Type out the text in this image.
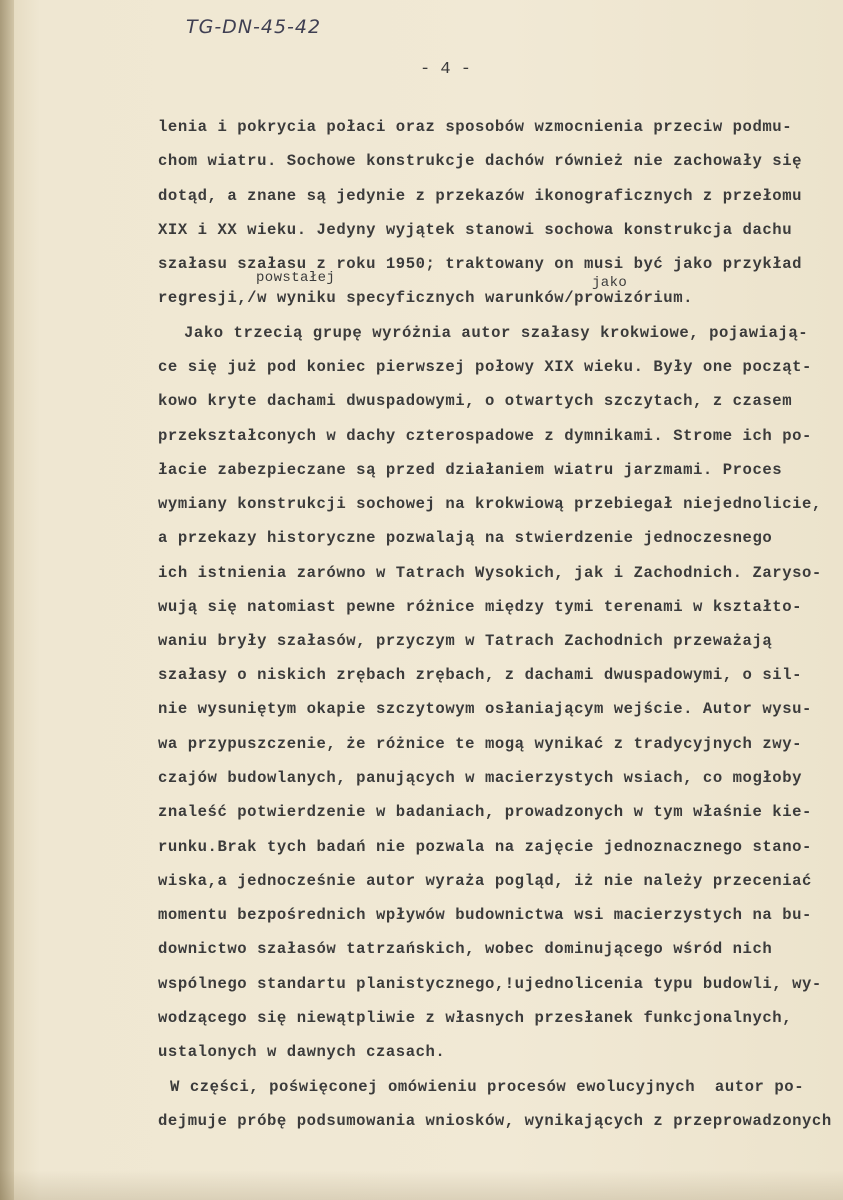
TG-DN-45-42
- 4 -
lenia i pokrycia połaci oraz sposobów wzmocnienia przeciw podmu-
chom wiatru. Sochowe konstrukcje dachów również nie zachowały się
dotąd, a znane są jedynie z przekazów ikonograficznych z przełomu
XIX i XX wieku. Jedyny wyjątek stanowi sochowa konstrukcja dachu
szałasu szałasu z roku 1950; traktowany on musi być jako przykład
powstałej	jako
regresji,/w wyniku specyficznych warunków/prowizórium.
Jako trzecią grupę wyróżnia autor szałasy krokwiowe, pojawiają-
ce się już pod koniec pierwszej połowy XIX wieku. Były one począt-
kowo kryte dachami dwuspadowymi, o otwartych szczytach, z czasem
przekształconych w dachy czterospadowe z dymnikami. Strome ich po-
łacie zabezpieczane są przed działaniem wiatru jarzmami. Proces
wymiany konstrukcji sochowej na krokwiową przebiegał niejednolicie,
a przekazy historyczne pozwalają na stwierdzenie jednoczesnego
ich istnienia zarówno w Tatrach Wysokich, jak i Zachodnich. Zaryso-
wują się natomiast pewne różnice między tymi terenami w kształto-
waniu bryły szałasów, przyczym w Tatrach Zachodnich przeważają
szałasy o niskich zrębach zrębach, z dachami dwuspadowymi, o sil-
nie wysuniętym okapie szczytowym osłaniającym wejście. Autor wysu-
wa przypuszczenie, że różnice te mogą wynikać z tradycyjnych zwy-
czajów budowlanych, panujących w macierzystych wsiach, co mogłoby
znaleść potwierdzenie w badaniach, prowadzonych w tym właśnie kie-
runku.Brak tych badań nie pozwala na zajęcie jednoznacznego stano-
wiska,a jednocześnie autor wyraża pogląd, iż nie należy przeceniać
momentu bezpośrednich wpływów budownictwa wsi macierzystych na bu-
downictwo szałasów tatrzańskich, wobec dominującego wśród nich
wspólnego standartu planistycznego,!ujednolicenia typu budowli, wy-
wodzącego się niewątpliwie z własnych przesłanek funkcjonalnych,
ustalonych w dawnych czasach.
W części, poświęconej omówieniu procesów ewolucyjnych  autor po-
dejmuje próbę podsumowania wniosków, wynikających z przeprowadzonych
